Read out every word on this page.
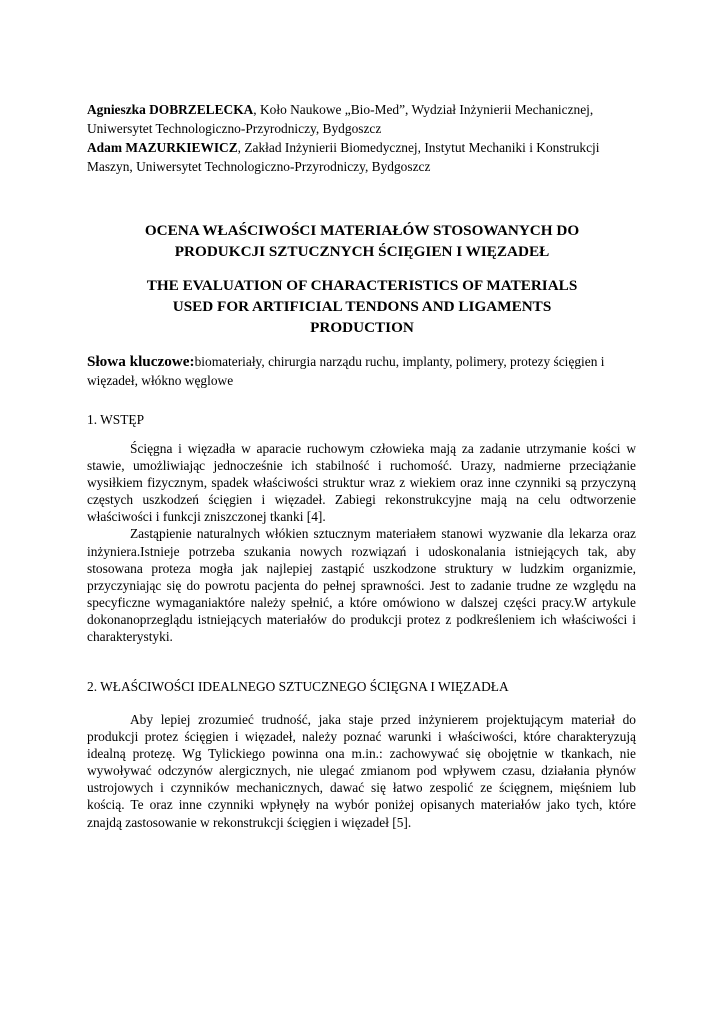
Agnieszka DOBRZELECKA, Koło Naukowe „Bio-Med”, Wydział Inżynierii Mechanicznej, Uniwersytet Technologiczno-Przyrodniczy, Bydgoszcz

Adam MAZURKIEWICZ, Zakład Inżynierii Biomedycznej, Instytut Mechaniki i Konstrukcji Maszyn, Uniwersytet Technologiczno-Przyrodniczy, Bydgoszcz

OCENA WŁAŚCIWOŚCI MATERIAŁÓW STOSOWANYCH DO
PRODUKCJI SZTUCZNYCH ŚCIĘGIEN I WIĘZADEŁ
THE EVALUATION OF CHARACTERISTICS OF MATERIALS
USED FOR ARTIFICIAL TENDONS AND LIGAMENTS
PRODUCTION

Słowa kluczowe:biomateriały, chirurgia narządu ruchu, implanty, polimery, protezy ścięgien i więzadeł, włókno węglowe

1. WSTĘP

Ścięgna i więzadła w aparacie ruchowym człowieka mają za zadanie utrzymanie kości w stawie, umożliwiając jednocześnie ich stabilność i ruchomość. Urazy, nadmierne przeciążanie wysiłkiem fizycznym, spadek właściwości struktur wraz z wiekiem oraz inne czynniki są przyczyną częstych uszkodzeń ścięgien i więzadeł. Zabiegi rekonstrukcyjne mają na celu odtworzenie właściwości i funkcji zniszczonej tkanki [4].

Zastąpienie naturalnych włókien sztucznym materiałem stanowi wyzwanie dla lekarza oraz inżyniera.Istnieje potrzeba szukania nowych rozwiązań i udoskonalania istniejących tak, aby stosowana proteza mogła jak najlepiej zastąpić uszkodzone struktury w ludzkim organizmie, przyczyniając się do powrotu pacjenta do pełnej sprawności. Jest to zadanie trudne ze względu na specyficzne wymaganiaktóre należy spełnić, a które omówiono w dalszej części pracy.W artykule dokonanoprzeglądu istniejących materiałów do produkcji protez z podkreśleniem ich właściwości i charakterystyki.

2. WŁAŚCIWOŚCI IDEALNEGO SZTUCZNEGO ŚCIĘGNA I WIĘZADŁA

Aby lepiej zrozumieć trudność, jaka staje przed inżynierem projektującym materiał do produkcji protez ścięgien i więzadeł, należy poznać warunki i właściwości, które charakteryzują idealną protezę. Wg Tylickiego powinna ona m.in.: zachowywać się obojętnie w tkankach, nie wywoływać odczynów alergicznych, nie ulegać zmianom pod wpływem czasu, działania płynów ustrojowych i czynników mechanicznych, dawać się łatwo zespolić ze ścięgnem, mięśniem lub kością. Te oraz inne czynniki wpłynęły na wybór poniżej opisanych materiałów jako tych, które znajdą zastosowanie w rekonstrukcji ścięgien i więzadeł [5].
